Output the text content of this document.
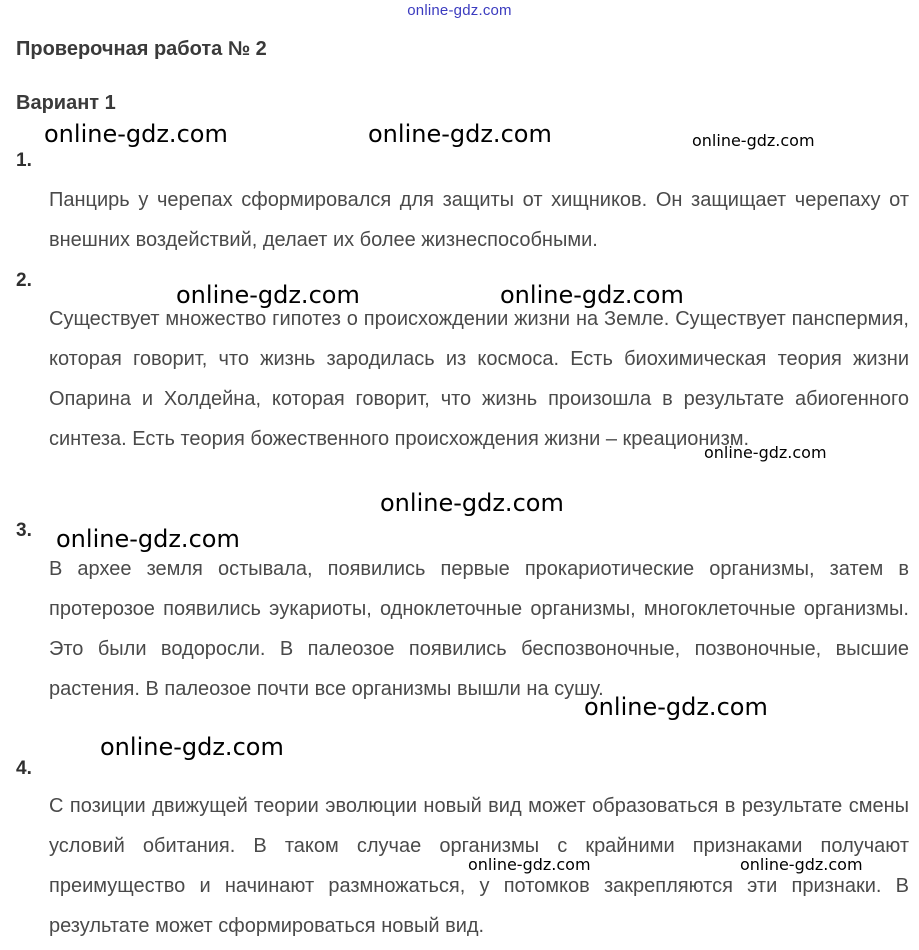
online-gdz.com
Проверочная работа № 2
Вариант 1
1.
Панцирь у черепах сформировался для защиты от хищников. Он защищает черепаху от внешних воздействий, делает их более жизнеспособными.
2.
Существует множество гипотез о происхождении жизни на Земле. Существует панспермия, которая говорит, что жизнь зародилась из космоса. Есть биохимическая теория жизни Опарина и Холдейна, которая говорит, что жизнь произошла в результате абиогенного синтеза. Есть теория божественного происхождения жизни – креационизм.
3.
В архее земля остывала, появились первые прокариотические организмы, затем в протерозое появились эукариоты, одноклеточные организмы, многоклеточные организмы. Это были водоросли. В палеозое появились беспозвоночные, позвоночные, высшие растения. В палеозое почти все организмы вышли на сушу.
4.
С позиции движущей теории эволюции новый вид может образоваться в результате смены условий обитания. В таком случае организмы с крайними признаками получают преимущество и начинают размножаться, у потомков закрепляются эти признаки. В результате может сформироваться новый вид.
online-gdz.com	online-gdz.com	online-gdz.com
online-gdz.com	online-gdz.com
online-gdz.com
online-gdz.com
online-gdz.com
online-gdz.com
online-gdz.com
online-gdz.com	online-gdz.com
